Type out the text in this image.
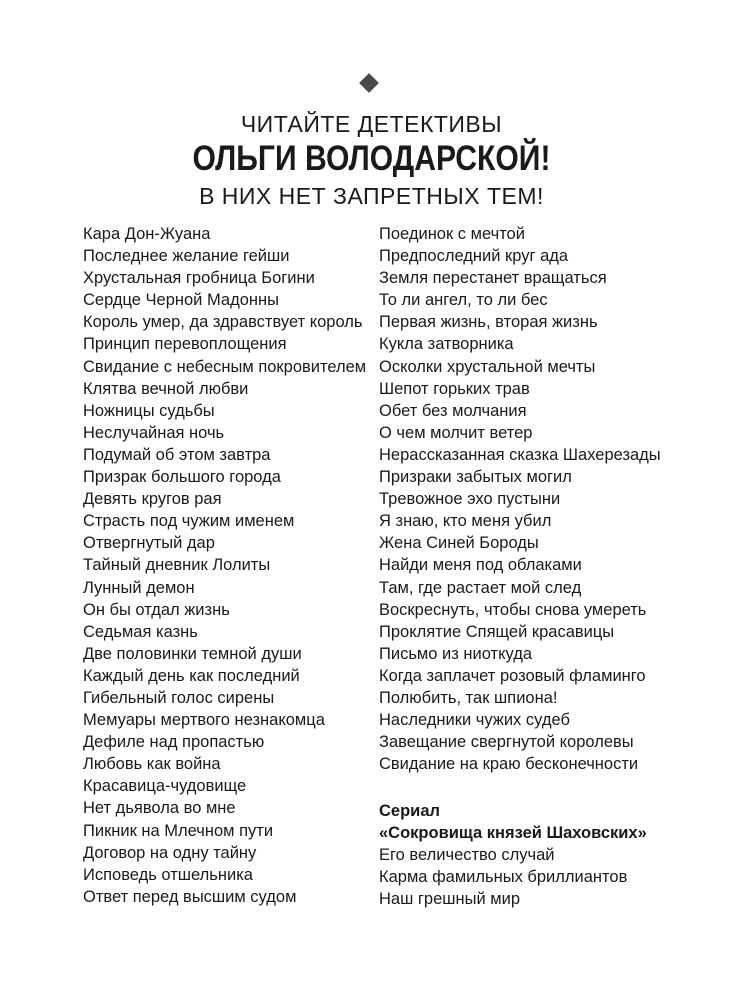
ЧИТАЙТЕ ДЕТЕКТИВЫ
ОЛЬГИ ВОЛОДАРСКОЙ!
В НИХ НЕТ ЗАПРЕТНЫХ ТЕМ!
Кара Дон-Жуана
Последнее желание гейши
Хрустальная гробница Богини
Сердце Черной Мадонны
Король умер, да здравствует король
Принцип перевоплощения
Свидание с небесным покровителем
Клятва вечной любви
Ножницы судьбы
Неслучайная ночь
Подумай об этом завтра
Призрак большого города
Девять кругов рая
Страсть под чужим именем
Отвергнутый дар
Тайный дневник Лолиты
Лунный демон
Он бы отдал жизнь
Седьмая казнь
Две половинки темной души
Каждый день как последний
Гибельный голос сирены
Мемуары мертвого незнакомца
Дефиле над пропастью
Любовь как война
Красавица-чудовище
Нет дьявола во мне
Пикник на Млечном пути
Договор на одну тайну
Исповедь отшельника
Ответ перед высшим судом
Поединок с мечтой
Предпоследний круг ада
Земля перестанет вращаться
То ли ангел, то ли бес
Первая жизнь, вторая жизнь
Кукла затворника
Осколки хрустальной мечты
Шепот горьких трав
Обет без молчания
О чем молчит ветер
Нерассказанная сказка Шахерезады
Призраки забытых могил
Тревожное эхо пустыни
Я знаю, кто меня убил
Жена Синей Бороды
Найди меня под облаками
Там, где растает мой след
Воскреснуть, чтобы снова умереть
Проклятие Спящей красавицы
Письмо из ниоткуда
Когда заплачет розовый фламинго
Полюбить, так шпиона!
Наследники чужих судеб
Завещание свергнутой королевы
Свидание на краю бесконечности
Сериал
«Сокровища князей Шаховских»
Его величество случай
Карма фамильных бриллиантов
Наш грешный мир
